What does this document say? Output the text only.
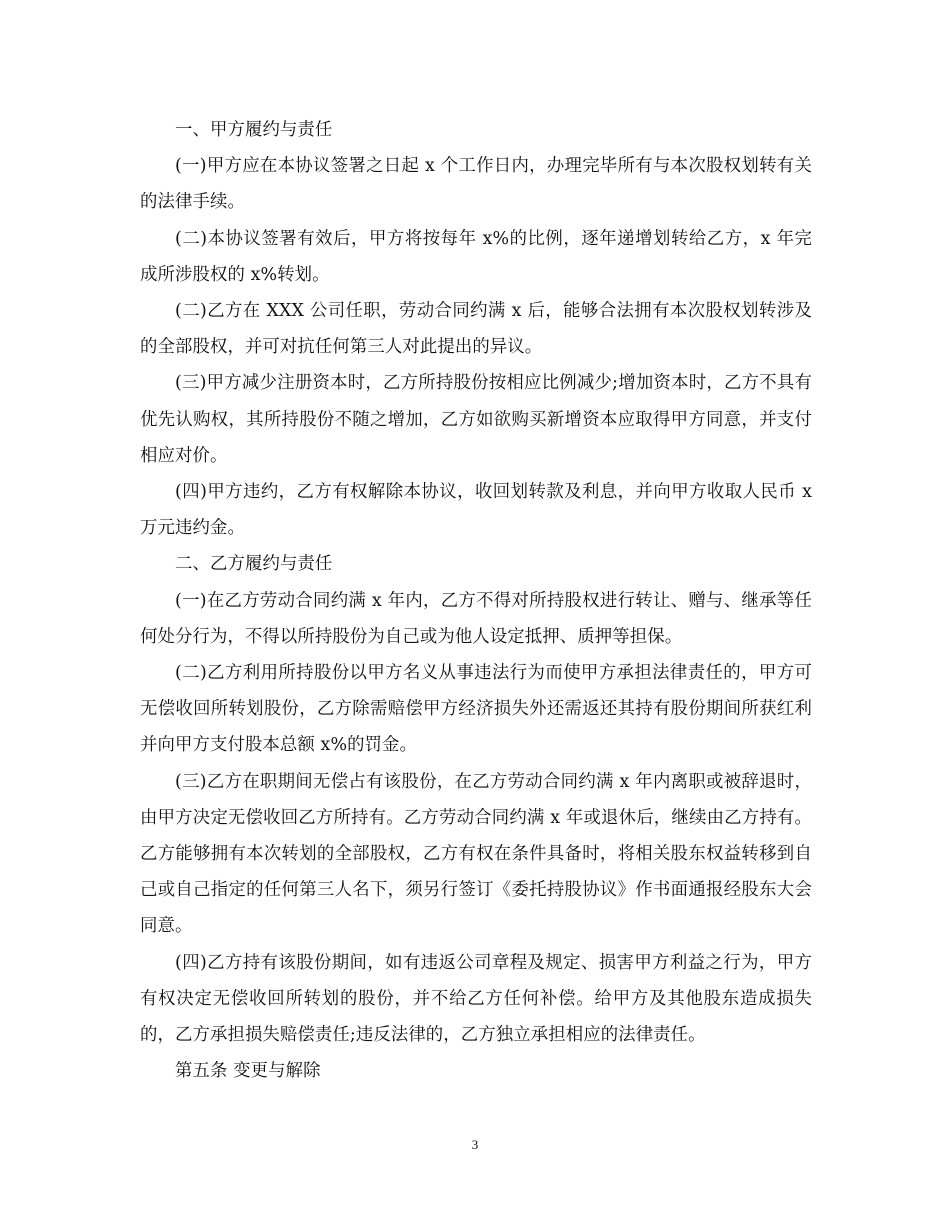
一、甲方履约与责任

(一)甲方应在本协议签署之日起 x 个工作日内，办理完毕所有与本次股权划转有关的法律手续。

(二)本协议签署有效后，甲方将按每年 x%的比例，逐年递增划转给乙方，x 年完成所涉股权的 x%转划。

(二)乙方在 XXX 公司任职，劳动合同约满 x 后，能够合法拥有本次股权划转涉及的全部股权，并可对抗任何第三人对此提出的异议。

(三)甲方减少注册资本时，乙方所持股份按相应比例减少;增加资本时，乙方不具有优先认购权，其所持股份不随之增加，乙方如欲购买新增资本应取得甲方同意，并支付相应对价。

(四)甲方违约，乙方有权解除本协议，收回划转款及利息，并向甲方收取人民币 x 万元违约金。

二、乙方履约与责任

(一)在乙方劳动合同约满 x 年内，乙方不得对所持股权进行转让、赠与、继承等任何处分行为，不得以所持股份为自己或为他人设定抵押、质押等担保。

(二)乙方利用所持股份以甲方名义从事违法行为而使甲方承担法律责任的，甲方可无偿收回所转划股份，乙方除需赔偿甲方经济损失外还需返还其持有股份期间所获红利并向甲方支付股本总额 x%的罚金。

(三)乙方在职期间无偿占有该股份，在乙方劳动合同约满 x 年内离职或被辞退时，由甲方决定无偿收回乙方所持有。乙方劳动合同约满 x 年或退休后，继续由乙方持有。乙方能够拥有本次转划的全部股权，乙方有权在条件具备时，将相关股东权益转移到自己或自己指定的任何第三人名下，须另行签订《委托持股协议》作书面通报经股东大会同意。

(四)乙方持有该股份期间，如有违返公司章程及规定、损害甲方利益之行为，甲方有权决定无偿收回所转划的股份，并不给乙方任何补偿。给甲方及其他股东造成损失的，乙方承担损失赔偿责任;违反法律的，乙方独立承担相应的法律责任。

第五条 变更与解除

3
